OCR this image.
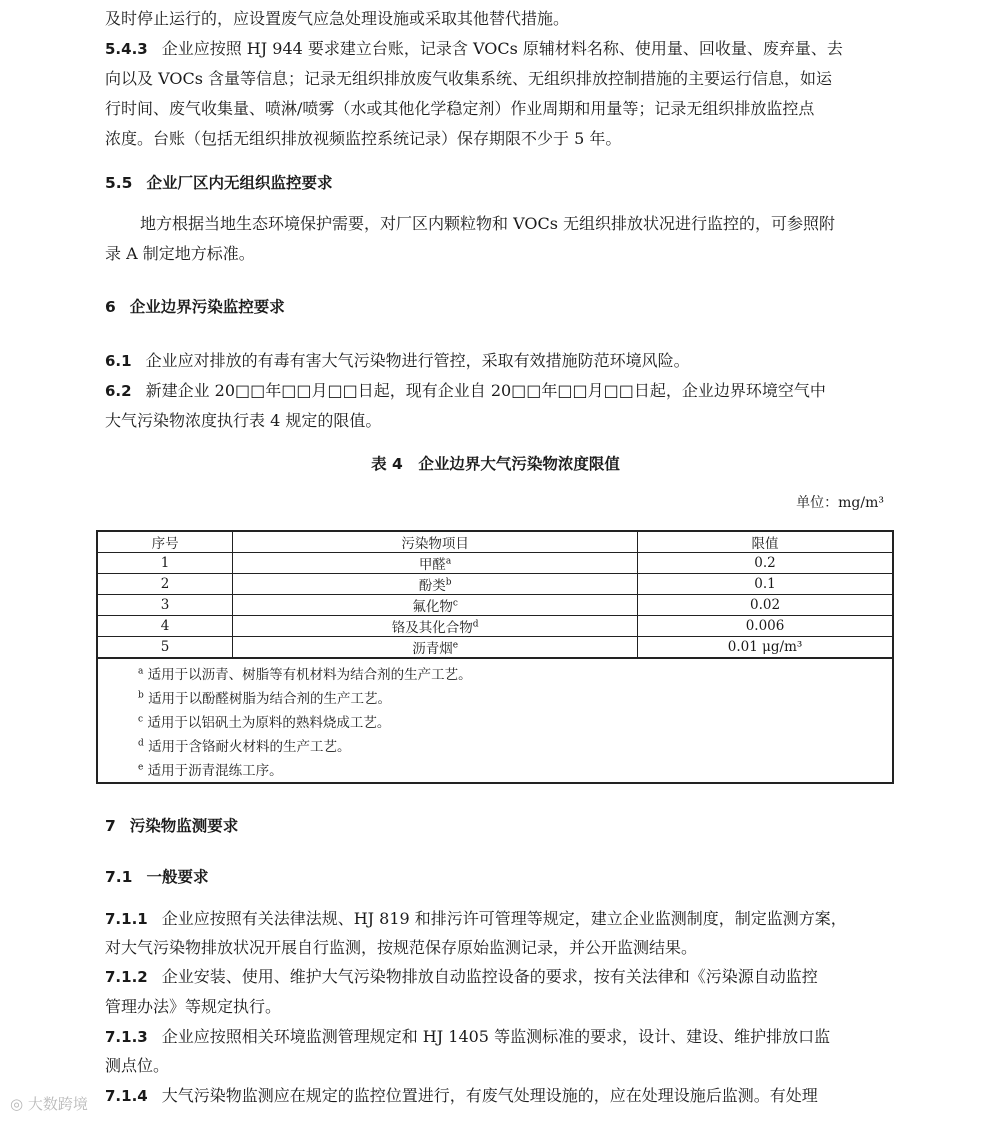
及时停止运行的，应设置废气应急处理设施或采取其他替代措施。
5.4.3 企业应按照 HJ 944 要求建立台账，记录含 VOCs 原辅材料名称、使用量、回收量、废弃量、去
向以及 VOCs 含量等信息；记录无组织排放废气收集系统、无组织排放控制措施的主要运行信息，如运
行时间、废气收集量、喷淋/喷雾（水或其他化学稳定剂）作业周期和用量等；记录无组织排放监控点
浓度。台账（包括无组织排放视频监控系统记录）保存期限不少于 5 年。
5.5 企业厂区内无组织监控要求
地方根据当地生态环境保护需要，对厂区内颗粒物和 VOCs 无组织排放状况进行监控的，可参照附
录 A 制定地方标准。
6 企业边界污染监控要求
6.1 企业应对排放的有毒有害大气污染物进行管控，采取有效措施防范环境风险。
6.2 新建企业 20□□年□□月□□日起，现有企业自 20□□年□□月□□日起，企业边界环境空气中
大气污染物浓度执行表 4 规定的限值。
表 4　企业边界大气污染物浓度限值
单位：mg/m³
序号	污染物项目	限值
1	甲醛$^a$	0.2
2	酚类$^b$	0.1
3	氟化物$^c$	0.02
4	铬及其化合物$^d$	0.006
5	沥青烟$^e$	0.01 μg/m³
$^a$ 适用于以沥青、树脂等有机材料为结合剂的生产工艺。
$^b$ 适用于以酚醛树脂为结合剂的生产工艺。
$^c$ 适用于以铝矾土为原料的熟料烧成工艺。
$^d$ 适用于含铬耐火材料的生产工艺。
$^e$ 适用于沥青混练工序。
7 污染物监测要求
7.1 一般要求
7.1.1 企业应按照有关法律法规、HJ 819 和排污许可管理等规定，建立企业监测制度，制定监测方案，
对大气污染物排放状况开展自行监测，按规范保存原始监测记录，并公开监测结果。
7.1.2 企业安装、使用、维护大气污染物排放自动监控设备的要求，按有关法律和《污染源自动监控
管理办法》等规定执行。
7.1.3 企业应按照相关环境监测管理规定和 HJ 1405 等监测标准的要求，设计、建设、维护排放口监
测点位。
7.1.4 大气污染物监测应在规定的监控位置进行，有废气处理设施的，应在处理设施后监测。有处理
◎ 大数跨境
